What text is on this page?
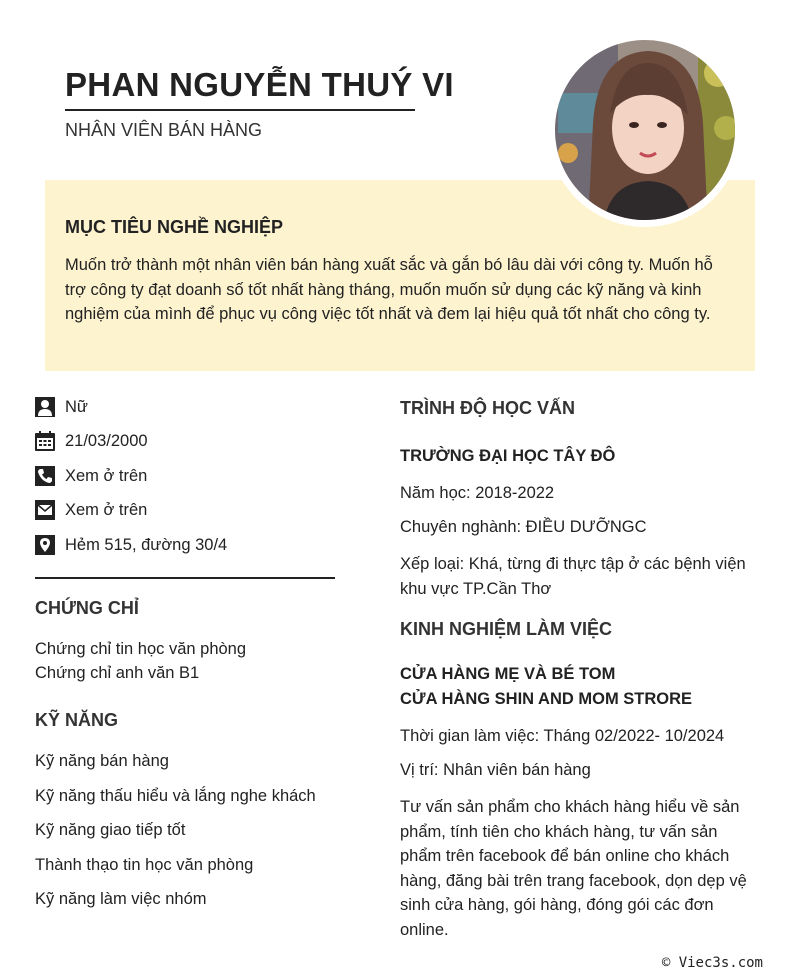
PHAN NGUYỄN THUÝ VI
NHÂN VIÊN BÁN HÀNG
MỤC TIÊU NGHỀ NGHIỆP
Muốn trở thành một nhân viên bán hàng xuất sắc và gắn bó lâu dài với công ty. Muốn hỗ trợ công ty đạt doanh số tốt nhất hàng tháng, muốn muốn sử dụng các kỹ năng và kinh nghiệm của mình để phục vụ công việc tốt nhất và đem lại hiệu quả tốt nhất cho công ty.
Nữ
21/03/2000
Xem ở trên
Xem ở trên
Hẻm 515, đường 30/4
CHỨNG CHỈ
Chứng chỉ tin học văn phòng
Chứng chỉ anh văn B1
KỸ NĂNG
Kỹ năng bán hàng
Kỹ năng thấu hiểu và lắng nghe khách
Kỹ năng giao tiếp tốt
Thành thạo tin học văn phòng
Kỹ năng làm việc nhóm
TRÌNH ĐỘ HỌC VẤN
TRƯỜNG ĐẠI HỌC TÂY ĐÔ
Năm học: 2018-2022
Chuyên nghành: ĐIỀU DƯỠNGC
Xếp loại: Khá, từng đi thực tập ở các bệnh viện khu vực TP.Cần Thơ
KINH NGHIỆM LÀM VIỆC
CỬA HÀNG MẸ VÀ BÉ TOM
CỬA HÀNG SHIN AND MOM STRORE
Thời gian làm việc: Tháng 02/2022- 10/2024
Vị trí: Nhân viên bán hàng
Tư vấn sản phẩm cho khách hàng hiểu về sản phẩm, tính tiên cho khách hàng, tư vấn sản phẩm trên facebook để bán online cho khách hàng, đăng bài trên trang facebook, dọn dẹp vệ sinh cửa hàng, gói hàng, đóng gói các đơn online.
© Viec3s.com
